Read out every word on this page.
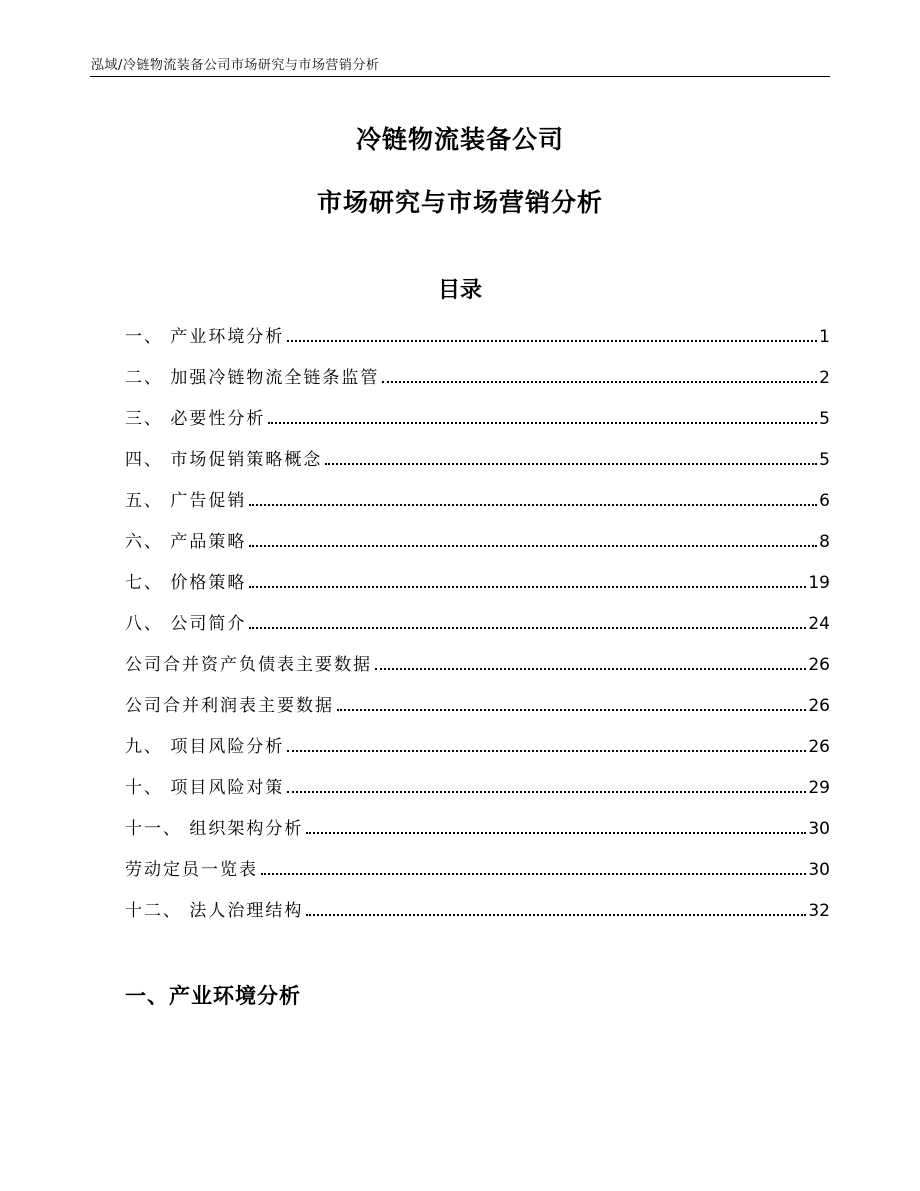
泓域/冷链物流装备公司市场研究与市场营销分析
冷链物流装备公司
市场研究与市场营销分析
目录
一、 产业环境分析	1
二、 加强冷链物流全链条监管	2
三、 必要性分析	5
四、 市场促销策略概念	5
五、 广告促销	6
六、 产品策略	8
七、 价格策略	19
八、 公司简介	24
公司合并资产负债表主要数据	26
公司合并利润表主要数据	26
九、 项目风险分析	26
十、 项目风险对策	29
十一、 组织架构分析	30
劳动定员一览表	30
十二、 法人治理结构	32
一、产业环境分析
